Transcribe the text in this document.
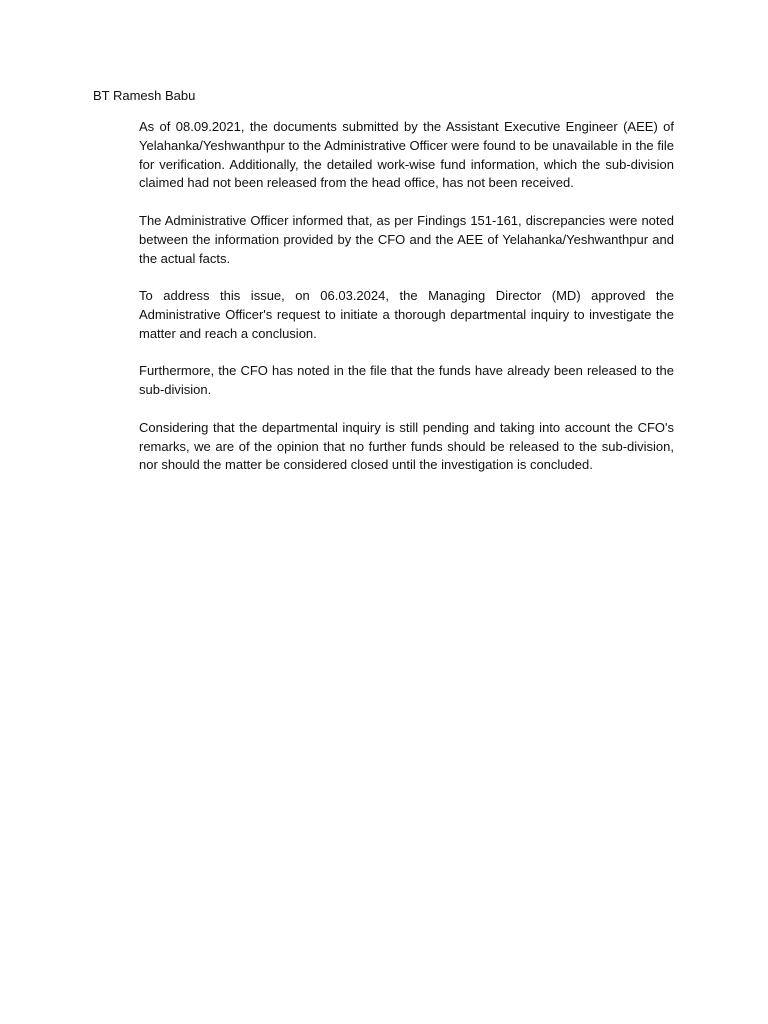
BT Ramesh Babu

As of 08.09.2021, the documents submitted by the Assistant Executive Engineer (AEE) of Yelahanka/Yeshwanthpur to the Administrative Officer were found to be unavailable in the file for verification. Additionally, the detailed work-wise fund information, which the sub-division claimed had not been released from the head office, has not been received.

The Administrative Officer informed that, as per Findings 151-161, discrepancies were noted between the information provided by the CFO and the AEE of Yelahanka/Yeshwanthpur and the actual facts.

To address this issue, on 06.03.2024, the Managing Director (MD) approved the Administrative Officer's request to initiate a thorough departmental inquiry to investigate the matter and reach a conclusion.

Furthermore, the CFO has noted in the file that the funds have already been released to the sub-division.

Considering that the departmental inquiry is still pending and taking into account the CFO's remarks, we are of the opinion that no further funds should be released to the sub-division, nor should the matter be considered closed until the investigation is concluded.
